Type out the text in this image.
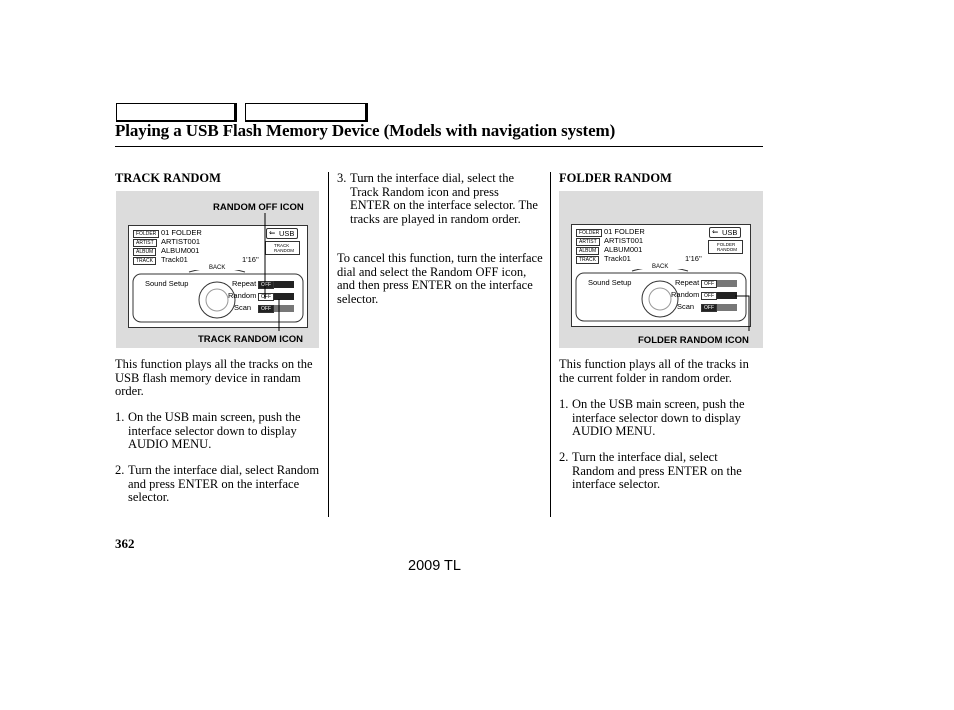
Playing a USB Flash Memory Device (Models with navigation system)
TRACK RANDOM
RANDOM OFF ICON
TRACK RANDOM ICON
FOLDER 01 FOLDER
ARTIST ARTIST001
ALBUM	ALBUM001
TRACK	Track01	1'16''
USB
⇐
TRACK RANDOM
BACK
Sound Setup	Repeat
Random
Scan
OFF
OFF
OFF
This function plays all the tracks on the USB flash memory device in randam order.
1. On the USB main screen, push the interface selector down to display AUDIO MENU.
2. Turn the interface dial, select Random and press ENTER on the interface selector.
3. Turn the interface dial, select the Track Random icon and press ENTER on the interface selector. The tracks are played in random order.
To cancel this function, turn the interface dial and select the Random OFF icon, and then press ENTER on the interface selector.
FOLDER RANDOM
FOLDER RANDOM ICON
FOLDER 01 FOLDER
ARTIST ARTIST001
ALBUM	ALBUM001
TRACK	Track01	1'16''
USB
⇐
FOLDER RANDOM
BACK
Sound Setup	Repeat
Random
Scan
OFF
OFF
OFF
This function plays all of the tracks in the current folder in random order.
1. On the USB main screen, push the interface selector down to display AUDIO MENU.
2. Turn the interface dial, select Random and press ENTER on the interface selector.
362
2009 TL
